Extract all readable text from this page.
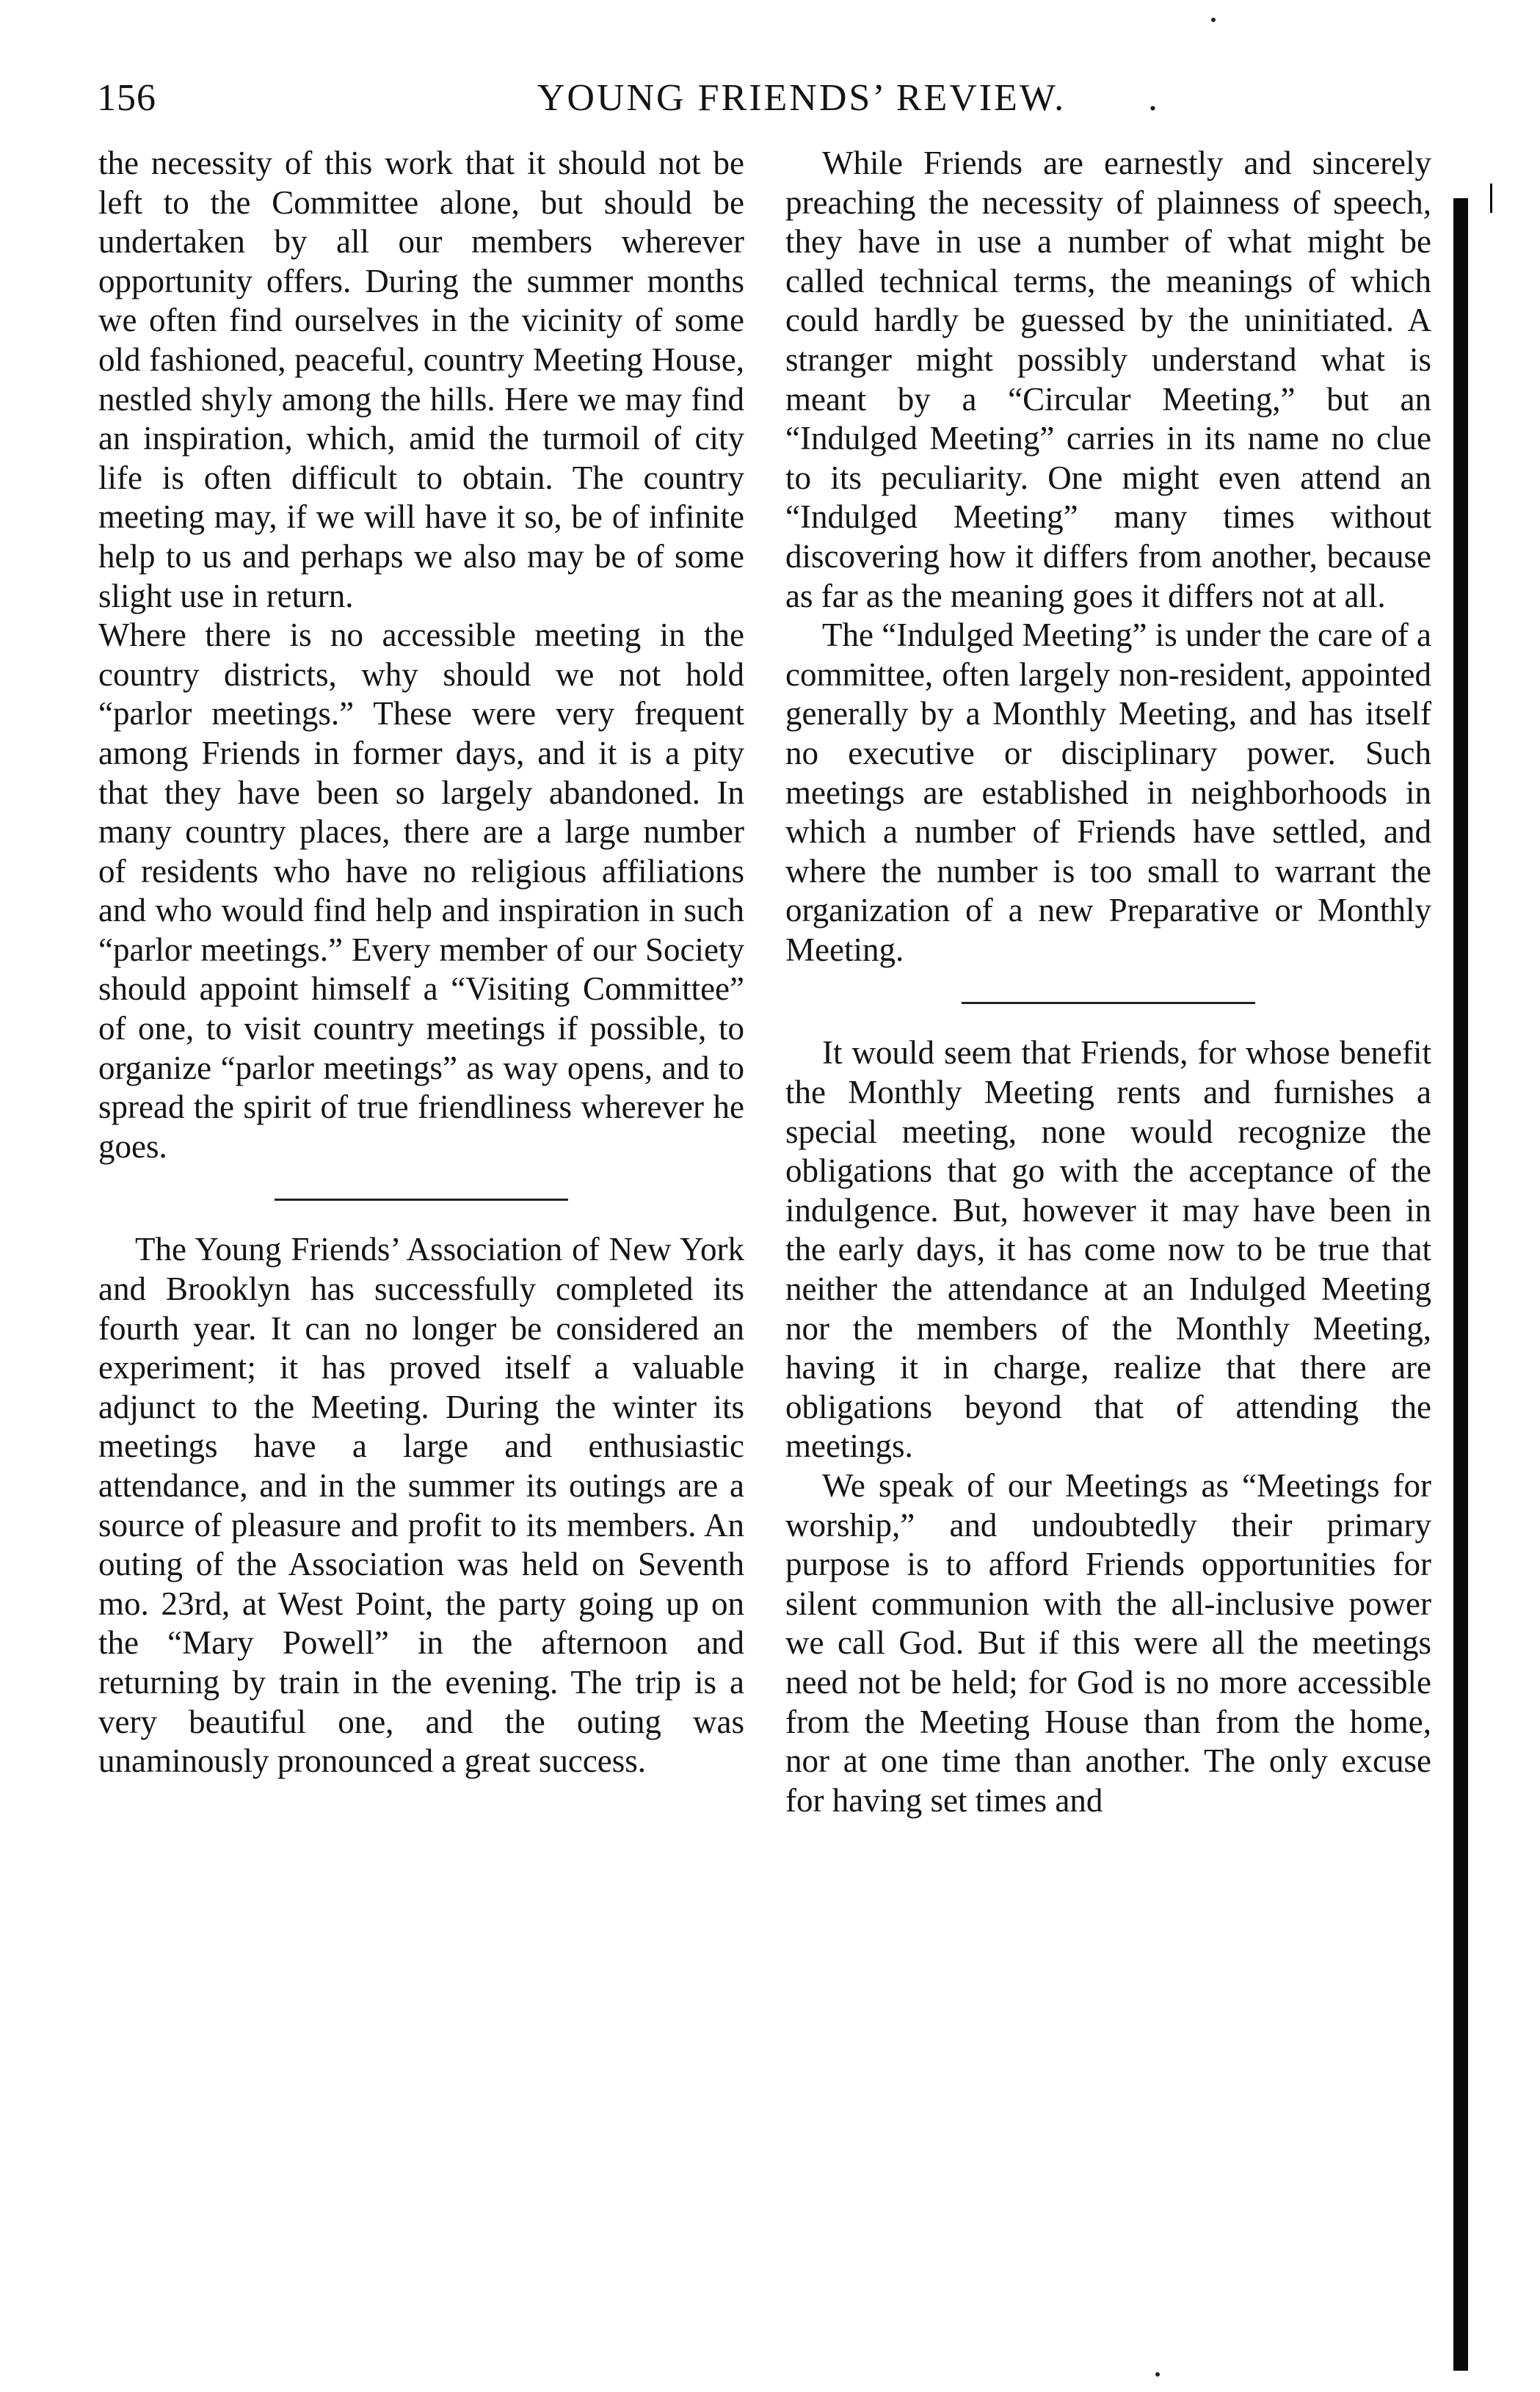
156	YOUNG FRIENDS’ REVIEW.	.

the necessity of this work that it should not be left to the Committee alone, but should be undertaken by all our members wherever opportunity offers. During the summer months we often find ourselves in the vicinity of some old fashioned, peaceful, country Meeting House, nestled shyly among the hills. Here we may find an inspiration, which, amid the turmoil of city life is often difficult to obtain. The country meeting may, if we will have it so, be of infinite help to us and perhaps we also may be of some slight use in return.

Where there is no accessible meeting in the country districts, why should we not hold “parlor meetings.” These were very frequent among Friends in former days, and it is a pity that they have been so largely abandoned. In many country places, there are a large number of residents who have no religious affiliations and who would find help and inspiration in such “parlor meetings.” Every member of our Society should appoint himself a “Visiting Committee” of one, to visit country meetings if possible, to organize “parlor meetings” as way opens, and to spread the spirit of true friendliness wherever he goes.

The Young Friends’ Association of New York and Brooklyn has successfully completed its fourth year. It can no longer be considered an experiment; it has proved itself a valuable adjunct to the Meeting. During the winter its meetings have a large and enthusiastic attendance, and in the summer its outings are a source of pleasure and profit to its members. An outing of the Association was held on Seventh mo. 23rd, at West Point, the party going up on the “Mary Powell” in the afternoon and returning by train in the evening. The trip is a very beautiful one, and the outing was unaminously pronounced a great success.

While Friends are earnestly and sincerely preaching the necessity of plainness of speech, they have in use a number of what might be called technical terms, the meanings of which could hardly be guessed by the uninitiated. A stranger might possibly understand what is meant by a “Circular Meeting,” but an “Indulged Meeting” carries in its name no clue to its peculiarity. One might even attend an “Indulged Meeting” many times without discovering how it differs from another, because as far as the meaning goes it differs not at all.

The “Indulged Meeting” is under the care of a committee, often largely non-resident, appointed generally by a Monthly Meeting, and has itself no executive or disciplinary power. Such meetings are established in neighborhoods in which a number of Friends have settled, and where the number is too small to warrant the organization of a new Preparative or Monthly Meeting.

It would seem that Friends, for whose benefit the Monthly Meeting rents and furnishes a special meeting, none would recognize the obligations that go with the acceptance of the indulgence. But, however it may have been in the early days, it has come now to be true that neither the attendance at an Indulged Meeting nor the members of the Monthly Meeting, having it in charge, realize that there are obligations beyond that of attending the meetings.

We speak of our Meetings as “Meetings for worship,” and undoubtedly their primary purpose is to afford Friends opportunities for silent communion with the all-inclusive power we call God. But if this were all the meetings need not be held; for God is no more accessible from the Meeting House than from the home, nor at one time than another. The only excuse for having set times and
